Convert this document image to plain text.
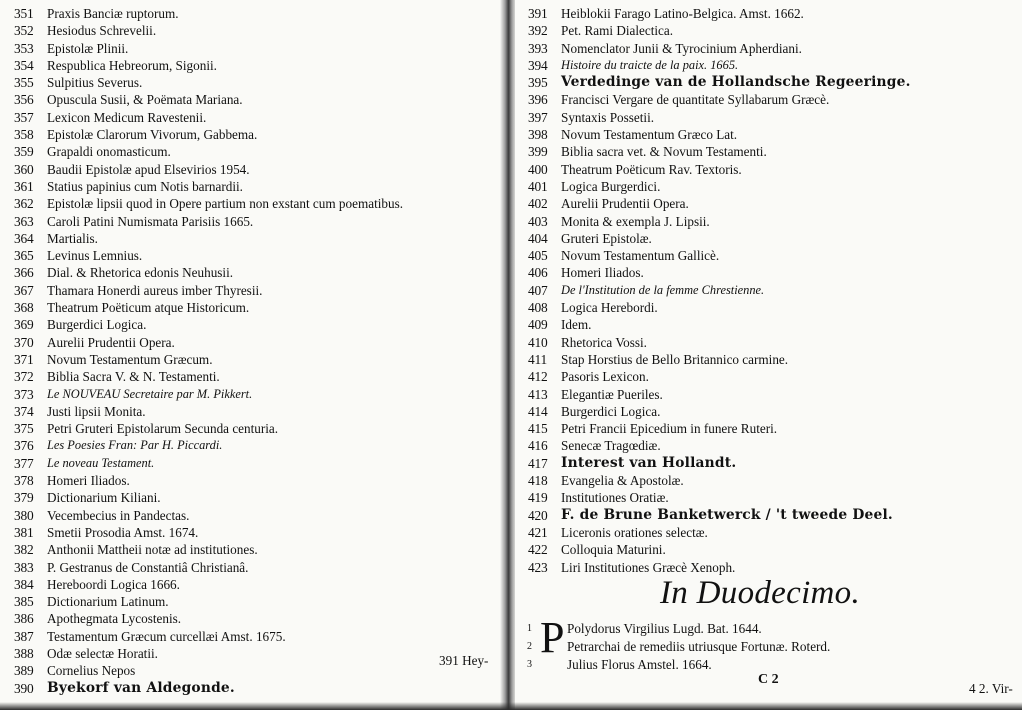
351	Praxis Banciæ ruptorum.
352	Hesiodus Schrevelii.
353	Epistolæ Plinii.
354	Respublica Hebreorum, Sigonii.
355	Sulpitius Severus.
356	Opuscula Susii, & Poëmata Mariana.
357	Lexicon Medicum Ravestenii.
358	Epistolæ Clarorum Vivorum, Gabbema.
359	Grapaldi onomasticum.
360	Baudii Epistolæ apud Elsevirios 1954.
361	Statius papinius cum Notis barnardii.
362	Epistolæ lipsii quod in Opere partium non exstant cum poematibus.
363	Caroli Patini Numismata Parisiis 1665.
364	Martialis.
365	Levinus Lemnius.
366	Dial. & Rhetorica edonis Neuhusii.
367	Thamara Honerdi aureus imber Thyresii.
368	Theatrum Poëticum atque Historicum.
369	Burgerdici Logica.
370	Aurelii Prudentii Opera.
371	Novum Testamentum Græcum.
372	Biblia Sacra V. & N. Testamenti.
373	Le NOUVEAU Secretaire par M. Pikkert.
374	Justi lipsii Monita.
375	Petri Gruteri Epistolarum Secunda centuria.
376	Les Poesies Fran: Par H. Piccardi.
377	Le noveau Testament.
378	Homeri Iliados.
379	Dictionarium Kiliani.
380	Vecembecius in Pandectas.
381	Smetii Prosodia Amst. 1674.
382	Anthonii Mattheii notæ ad institutiones.
383	P. Gestranus de Constantiâ Christianâ.
384	Hereboordi Logica 1666.
385	Dictionarium Latinum.
386	Apothegmata Lycostenis.
387	Testamentum Græcum curcellæi Amst. 1675.
388	Odæ selectæ Horatii.
389	Cornelius Nepos
390 Byekorf van Aldegonde.
391 Hey-
391	Heiblokii Farago Latino-Belgica. Amst. 1662.
392	Pet. Rami Dialectica.
393	Nomenclator Junii & Tyrocinium Apherdiani.
394	Histoire du traicte de la paix. 1665.
395 Verdedinge van de Hollandsche Regeeringe.
396	Francisci Vergare de quantitate Syllabarum Græcè.
397	Syntaxis Possetii.
398	Novum Testamentum Græco Lat.
399	Biblia sacra vet. & Novum Testamenti.
400	Theatrum Poëticum Rav. Textoris.
401	Logica Burgerdici.
402	Aurelii Prudentii Opera.
403	Monita & exempla J. Lipsii.
404	Gruteri Epistolæ.
405	Novum Testamentum Gallicè.
406	Homeri Iliados.
407	De l'Institution de la femme Chrestienne.
408	Logica Herebordi.
409	Idem.
410	Rhetorica Vossi.
411	Stap Horstius de Bello Britannico carmine.
412	Pasoris Lexicon.
413	Elegantiæ Pueriles.
414	Burgerdici Logica.
415	Petri Francii Epicedium in funere Ruteri.
416	Senecæ Tragœdiæ.
417 Interest van Hollandt.
418	Evangelia & Apostolæ.
419	Institutiones Oratiæ.
420 F. de Brune Banketwerck / 't tweede Deel.
421	Liceronis orationes selectæ.
422	Colloquia Maturini.
423	Liri Institutiones Græcè Xenoph.
In Duodecimo.
P
1	Polydorus Virgilius Lugd. Bat. 1644.
2	Petrarchai de remediis utriusque Fortunæ. Roterd.
3	Julius Florus Amstel. 1664.
C 2
4 2. Vir-
